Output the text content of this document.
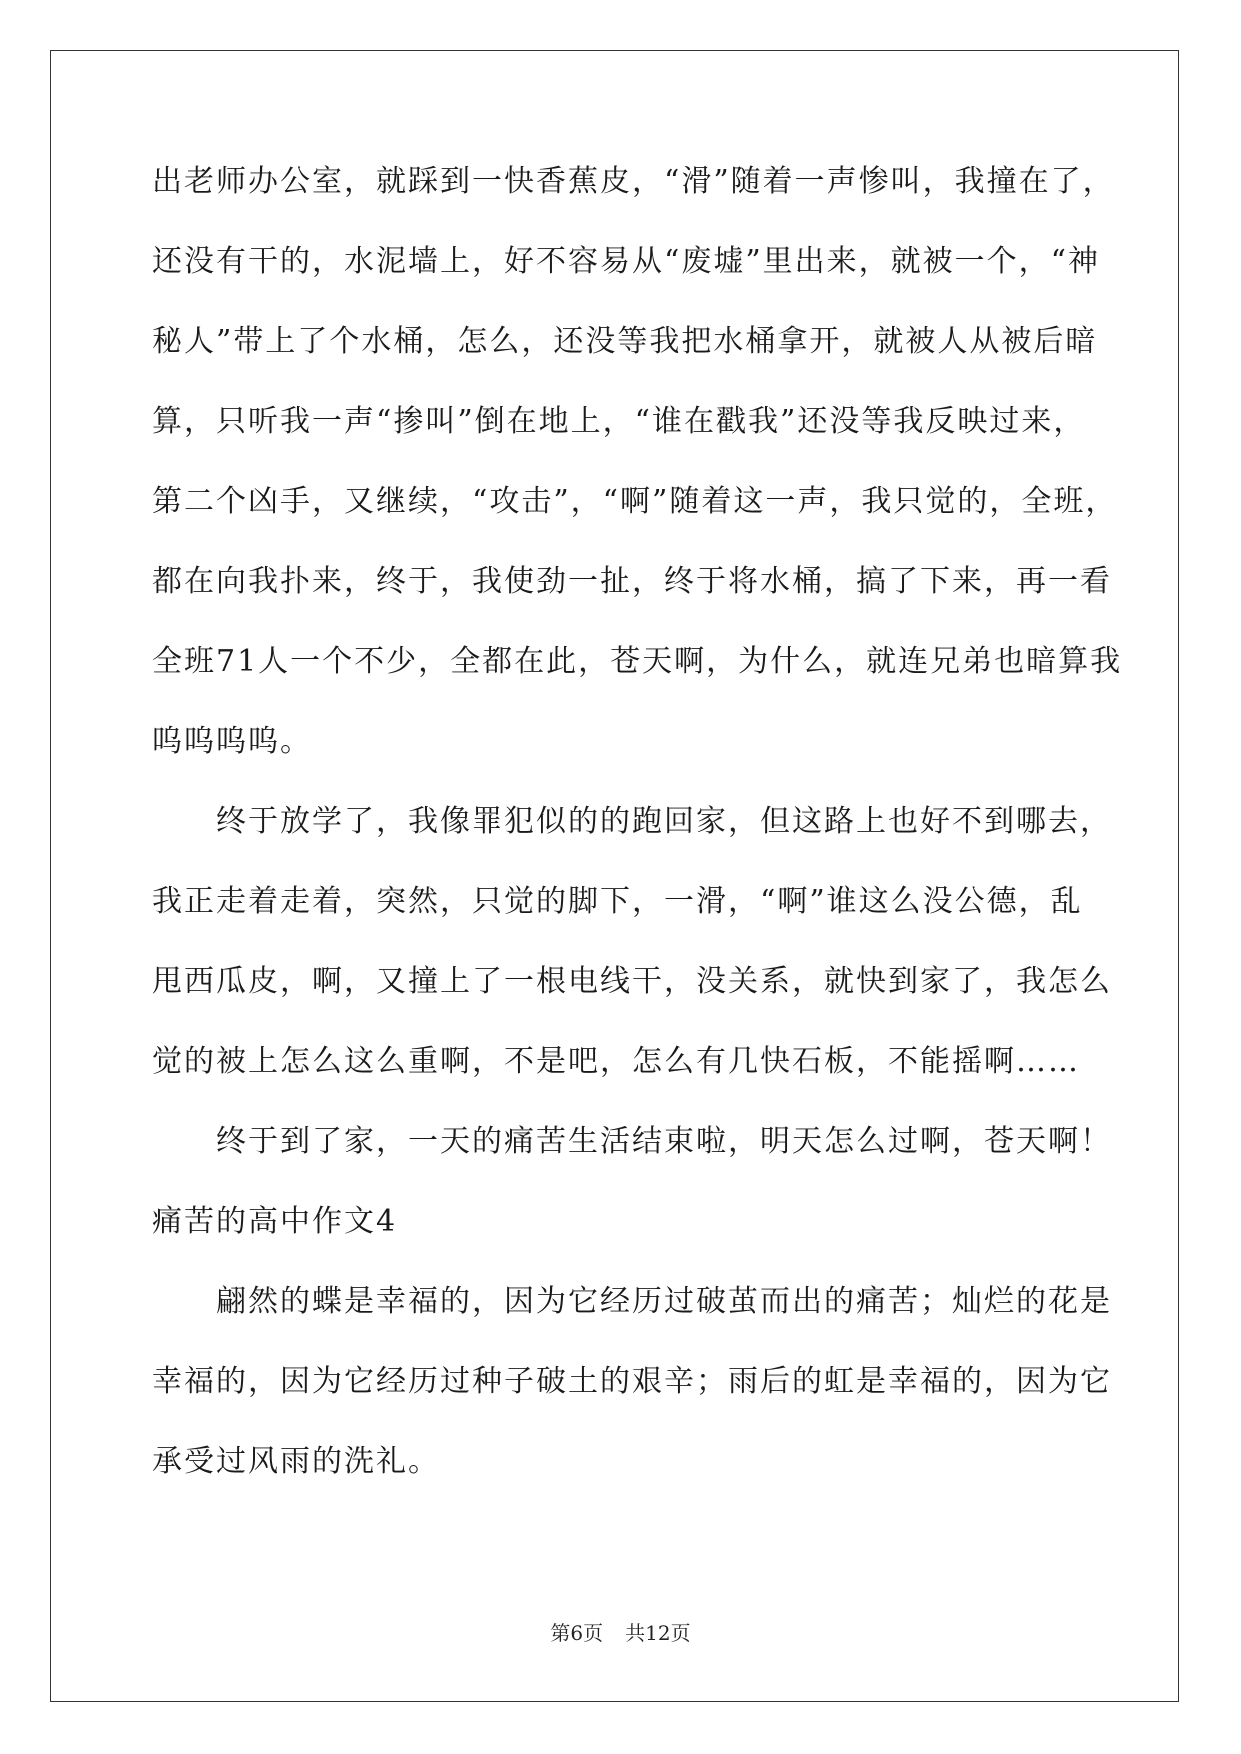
出老师办公室，就踩到一快香蕉皮，“滑”随着一声惨叫，我撞在了，
还没有干的，水泥墙上，好不容易从“废墟”里出来，就被一个，“神
秘人”带上了个水桶，怎么，还没等我把水桶拿开，就被人从被后暗
算，只听我一声“掺叫”倒在地上，“谁在戳我”还没等我反映过来，
第二个凶手，又继续，“攻击”，“啊”随着这一声，我只觉的，全班，
都在向我扑来，终于，我使劲一扯，终于将水桶，搞了下来，再一看
全班71人一个不少，全都在此，苍天啊，为什么，就连兄弟也暗算我
呜呜呜呜。
终于放学了，我像罪犯似的的跑回家，但这路上也好不到哪去，
我正走着走着，突然，只觉的脚下，一滑，“啊”谁这么没公德，乱
甩西瓜皮，啊，又撞上了一根电线干，没关系，就快到家了，我怎么
觉的被上怎么这么重啊，不是吧，怎么有几快石板，不能摇啊……
终于到了家，一天的痛苦生活结束啦，明天怎么过啊，苍天啊！
痛苦的高中作文4
翩然的蝶是幸福的，因为它经历过破茧而出的痛苦；灿烂的花是
幸福的，因为它经历过种子破土的艰辛；雨后的虹是幸福的，因为它
承受过风雨的洗礼。
第6页 共12页
